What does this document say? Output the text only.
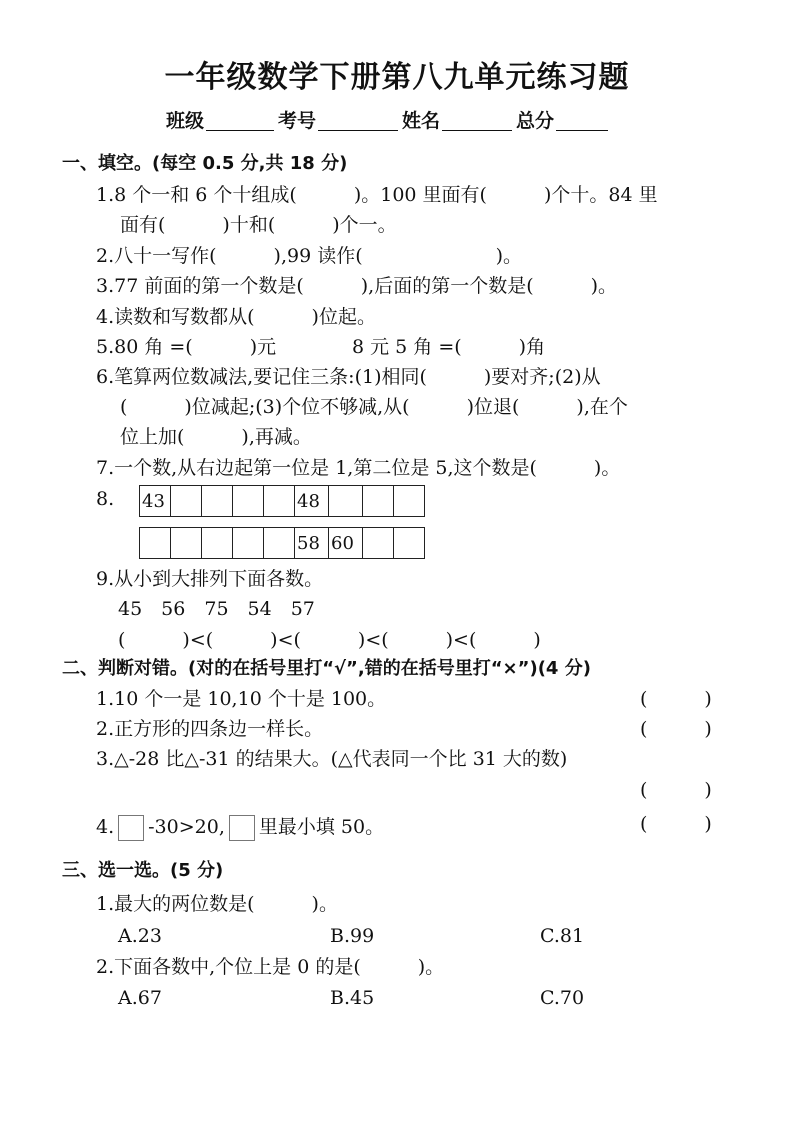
一年级数学下册第八九单元练习题
班级	考号	姓名	总分
一、填空。(每空 0.5 分,共 18 分)
1.8 个一和 6 个十组成(　　　)。100 里面有(　　　)个十。84 里
面有(　　　)十和(　　　)个一。
2.八十一写作(　　　),99 读作(　　　　　　　)。
3.77 前面的第一个数是(　　　),后面的第一个数是(　　　)。
4.读数和写数都从(　　　)位起。
5.80 角 =(　　　)元	8 元 5 角 =(　　　)角
6.笔算两位数减法,要记住三条:(1)相同(　　　)要对齐;(2)从
(　　　)位减起;(3)个位不够减,从(　　　)位退(　　　),在个
位上加(　　　),再减。
7.一个数,从右边起第一位是 1,第二位是 5,这个数是(　　　)。
8. 43					48			
					58	60		
9.从小到大排列下面各数。
45　56　75　54　57
(　　　)<(　　　)<(　　　)<(　　　)<(　　　)
二、判断对错。(对的在括号里打“√”,错的在括号里打“×”)(4 分)
1.10 个一是 10,10 个十是 100。	(　　　)
2.正方形的四条边一样长。	(　　　)
3.△-28 比△-31 的结果大。(△代表同一个比 31 大的数)
(　　　)
4. -30>20, 里最小填 50。	(　　　)
三、选一选。(5 分)
1.最大的两位数是(　　　)。
A.23	B.99	C.81
2.下面各数中,个位上是 0 的是(　　　)。
A.67	B.45	C.70
